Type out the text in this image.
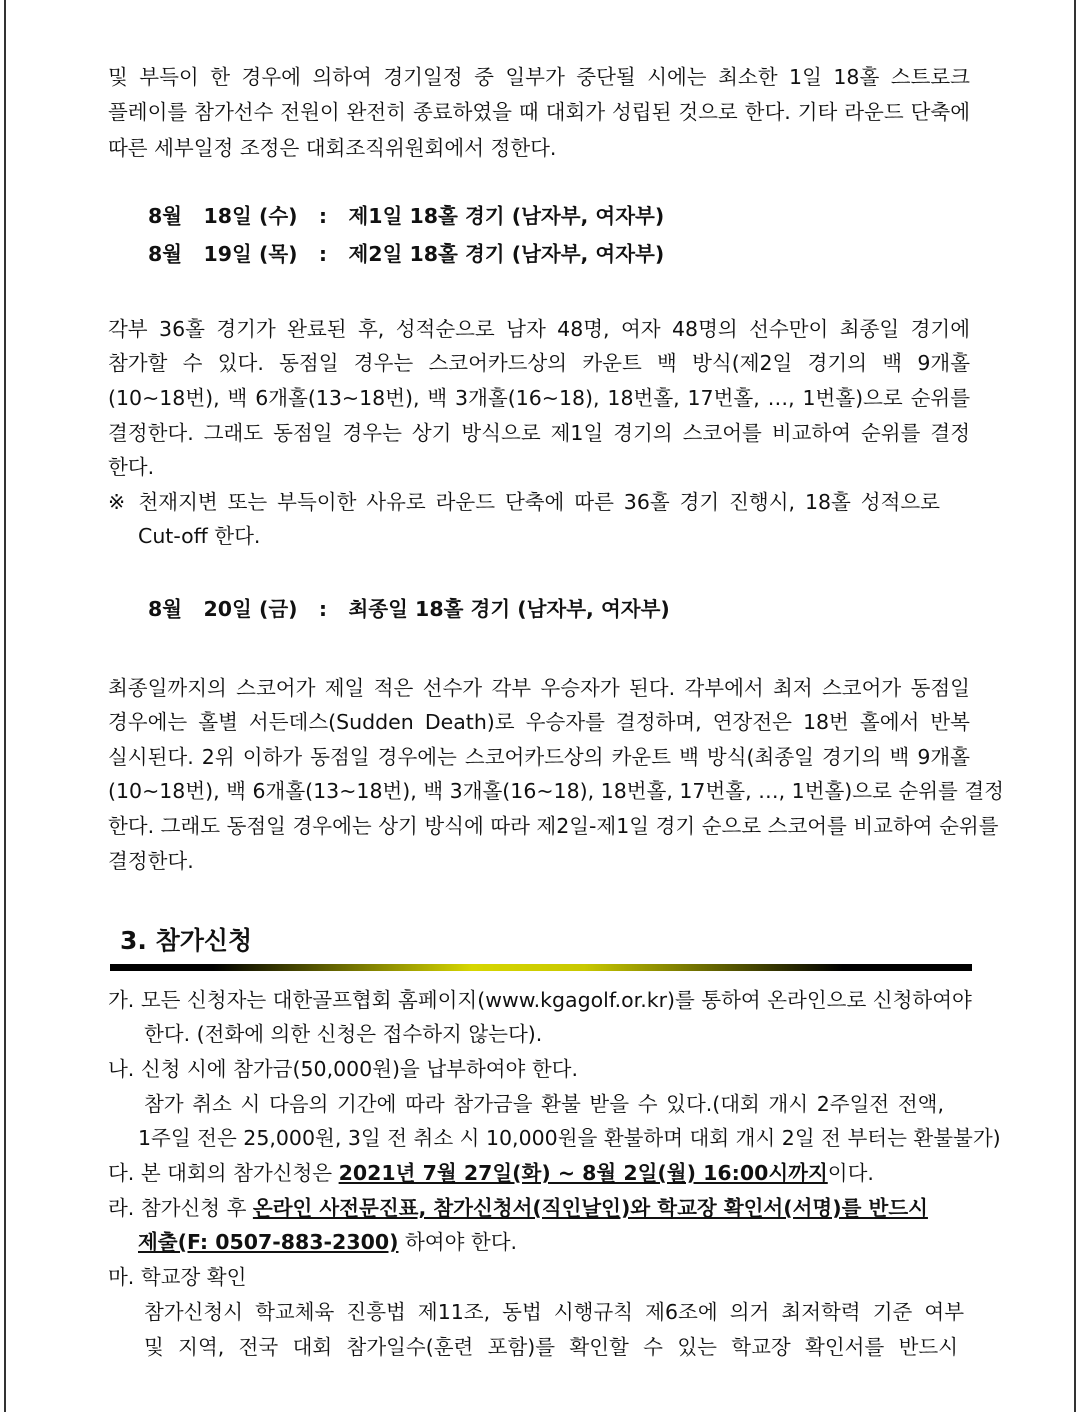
및 부득이 한 경우에 의하여 경기일정 중 일부가 중단될 시에는 최소한 1일 18홀 스트로크
플레이를 참가선수 전원이 완전히 종료하였을 때 대회가 성립된 것으로 한다. 기타 라운드 단축에
따른 세부일정 조정은 대회조직위원회에서 정한다.
8월   18일 (수)   :   제1일 18홀 경기 (남자부, 여자부)
8월   19일 (목)   :   제2일 18홀 경기 (남자부, 여자부)
각부 36홀 경기가 완료된 후, 성적순으로 남자 48명, 여자 48명의 선수만이 최종일 경기에
참가할 수 있다. 동점일 경우는 스코어카드상의 카운트 백 방식(제2일 경기의 백 9개홀
(10~18번), 백 6개홀(13~18번), 백 3개홀(16~18), 18번홀, 17번홀, …, 1번홀)으로 순위를
결정한다. 그래도 동점일 경우는 상기 방식으로 제1일 경기의 스코어를 비교하여 순위를 결정
한다.
※ 천재지변 또는 부득이한 사유로 라운드 단축에 따른 36홀 경기 진행시, 18홀 성적으로
Cut-off 한다.
8월   20일 (금)   :   최종일 18홀 경기 (남자부, 여자부)
최종일까지의 스코어가 제일 적은 선수가 각부 우승자가 된다. 각부에서 최저 스코어가 동점일
경우에는 홀별 서든데스(Sudden Death)로 우승자를 결정하며, 연장전은 18번 홀에서 반복
실시된다. 2위 이하가 동점일 경우에는 스코어카드상의 카운트 백 방식(최종일 경기의 백 9개홀
(10~18번), 백 6개홀(13~18번), 백 3개홀(16~18), 18번홀, 17번홀, …, 1번홀)으로 순위를 결정
한다. 그래도 동점일 경우에는 상기 방식에 따라 제2일-제1일 경기 순으로 스코어를 비교하여 순위를
결정한다.
3. 참가신청
가. 모든 신청자는 대한골프협회 홈페이지(www.kgagolf.or.kr)를 통하여 온라인으로 신청하여야
한다. (전화에 의한 신청은 접수하지 않는다).
나. 신청 시에 참가금(50,000원)을 납부하여야 한다.
참가 취소 시 다음의 기간에 따라 참가금을 환불 받을 수 있다.(대회 개시 2주일전 전액,
1주일 전은 25,000원, 3일 전 취소 시 10,000원을 환불하며 대회 개시 2일 전 부터는 환불불가)
다. 본 대회의 참가신청은 2021년 7월 27일(화) ~ 8월 2일(월) 16:00시까지이다.
라. 참가신청 후 온라인 사전문진표, 참가신청서(직인날인)와 학교장 확인서(서명)를 반드시
제출(F: 0507-883-2300) 하여야 한다.
마. 학교장 확인
참가신청시 학교체육 진흥법 제11조, 동법 시행규칙 제6조에 의거 최저학력 기준 여부
및 지역, 전국 대회 참가일수(훈련 포함)를 확인할 수 있는 학교장 확인서를 반드시
